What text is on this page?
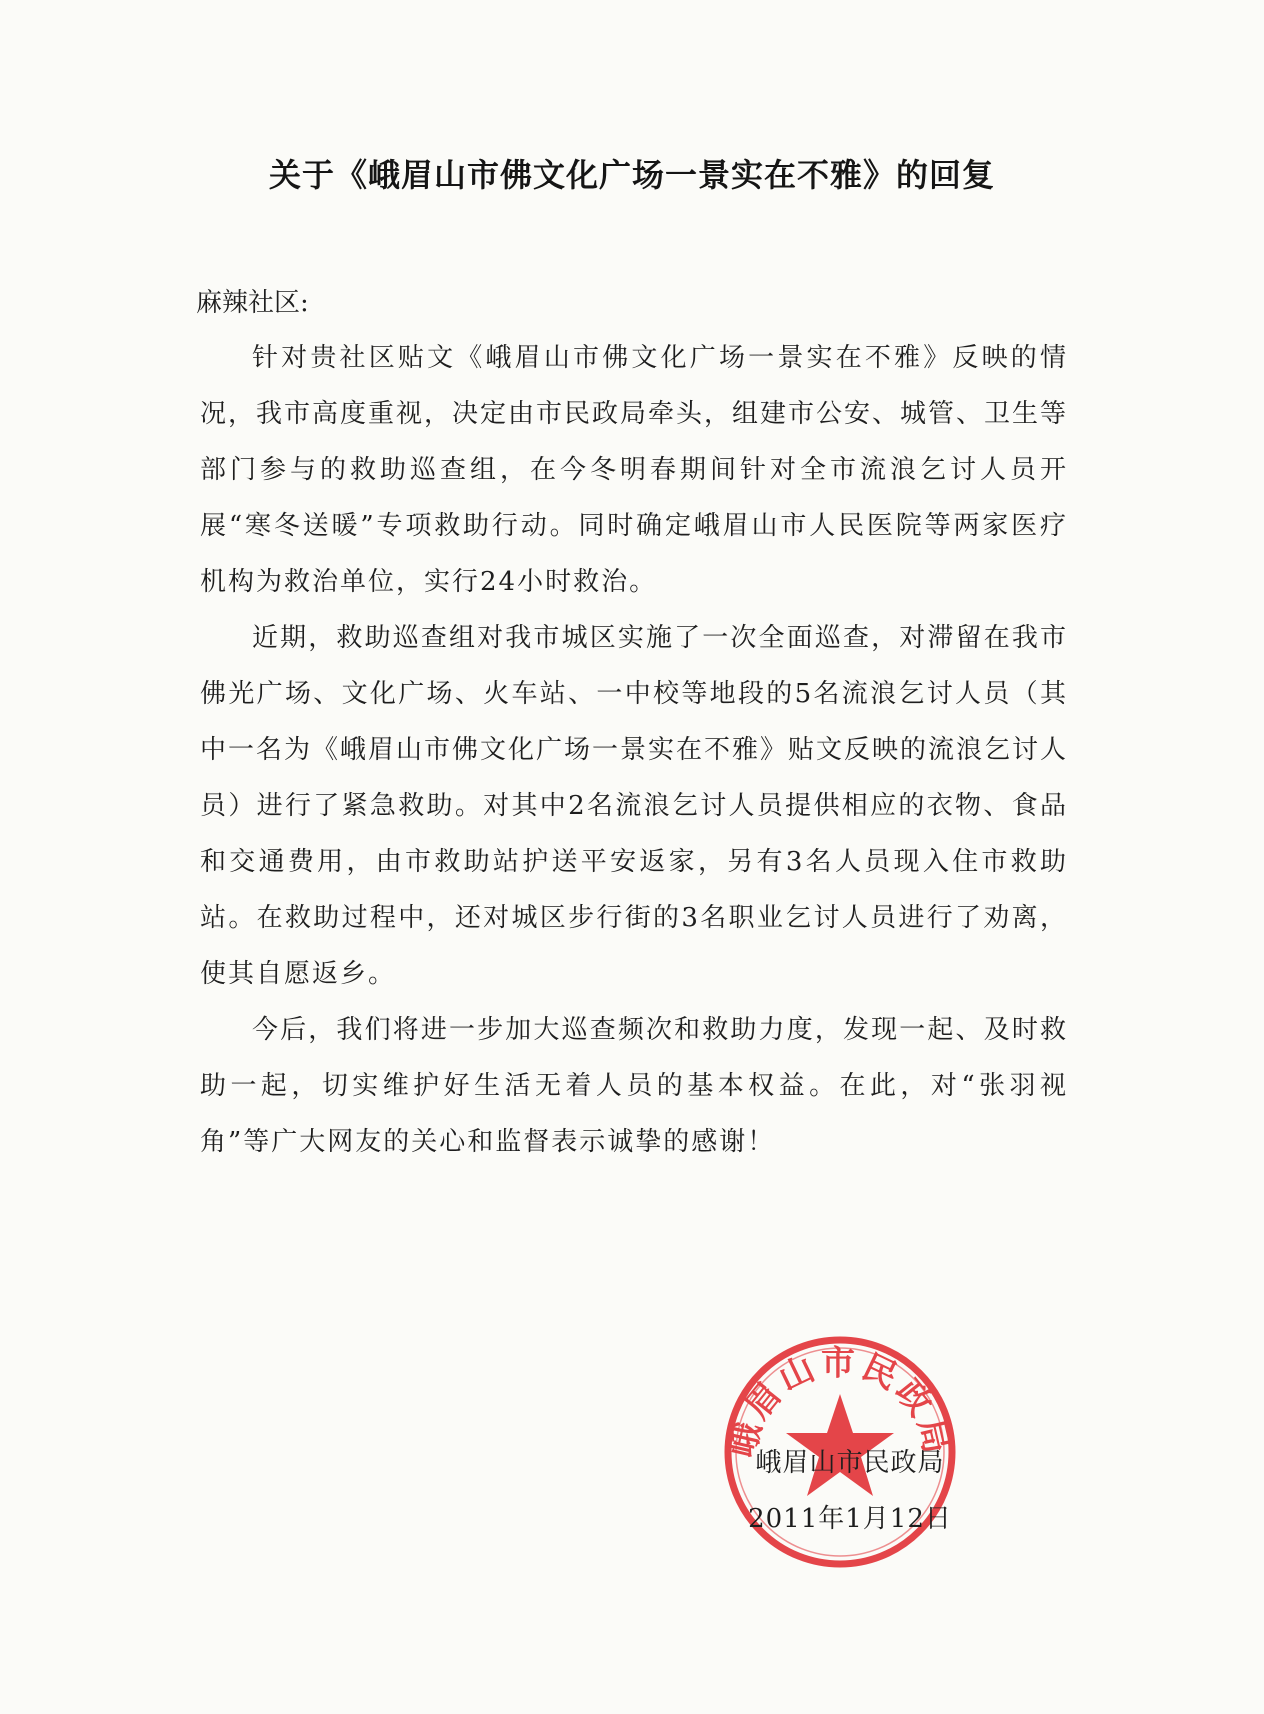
关于《峨眉山市佛文化广场一景实在不雅》的回复
麻辣社区:

针对贵社区贴文《峨眉山市佛文化广场一景实在不雅》反映的情况，我市高度重视，决定由市民政局牵头，组建市公安、城管、卫生等部门参与的救助巡查组，在今冬明春期间针对全市流浪乞讨人员开展“寒冬送暖”专项救助行动。同时确定峨眉山市人民医院等两家医疗机构为救治单位，实行24小时救治。

近期，救助巡查组对我市城区实施了一次全面巡查，对滞留在我市佛光广场、文化广场、火车站、一中校等地段的5名流浪乞讨人员（其中一名为《峨眉山市佛文化广场一景实在不雅》贴文反映的流浪乞讨人员）进行了紧急救助。对其中2名流浪乞讨人员提供相应的衣物、食品和交通费用，由市救助站护送平安返家，另有3名人员现入住市救助站。在救助过程中，还对城区步行街的3名职业乞讨人员进行了劝离，使其自愿返乡。

今后，我们将进一步加大巡查频次和救助力度，发现一起、及时救助一起，切实维护好生活无着人员的基本权益。在此，对“张羽视角”等广大网友的关心和监督表示诚挚的感谢！

峨眉山市民政局
峨眉山市民政局
2011年1月12日
